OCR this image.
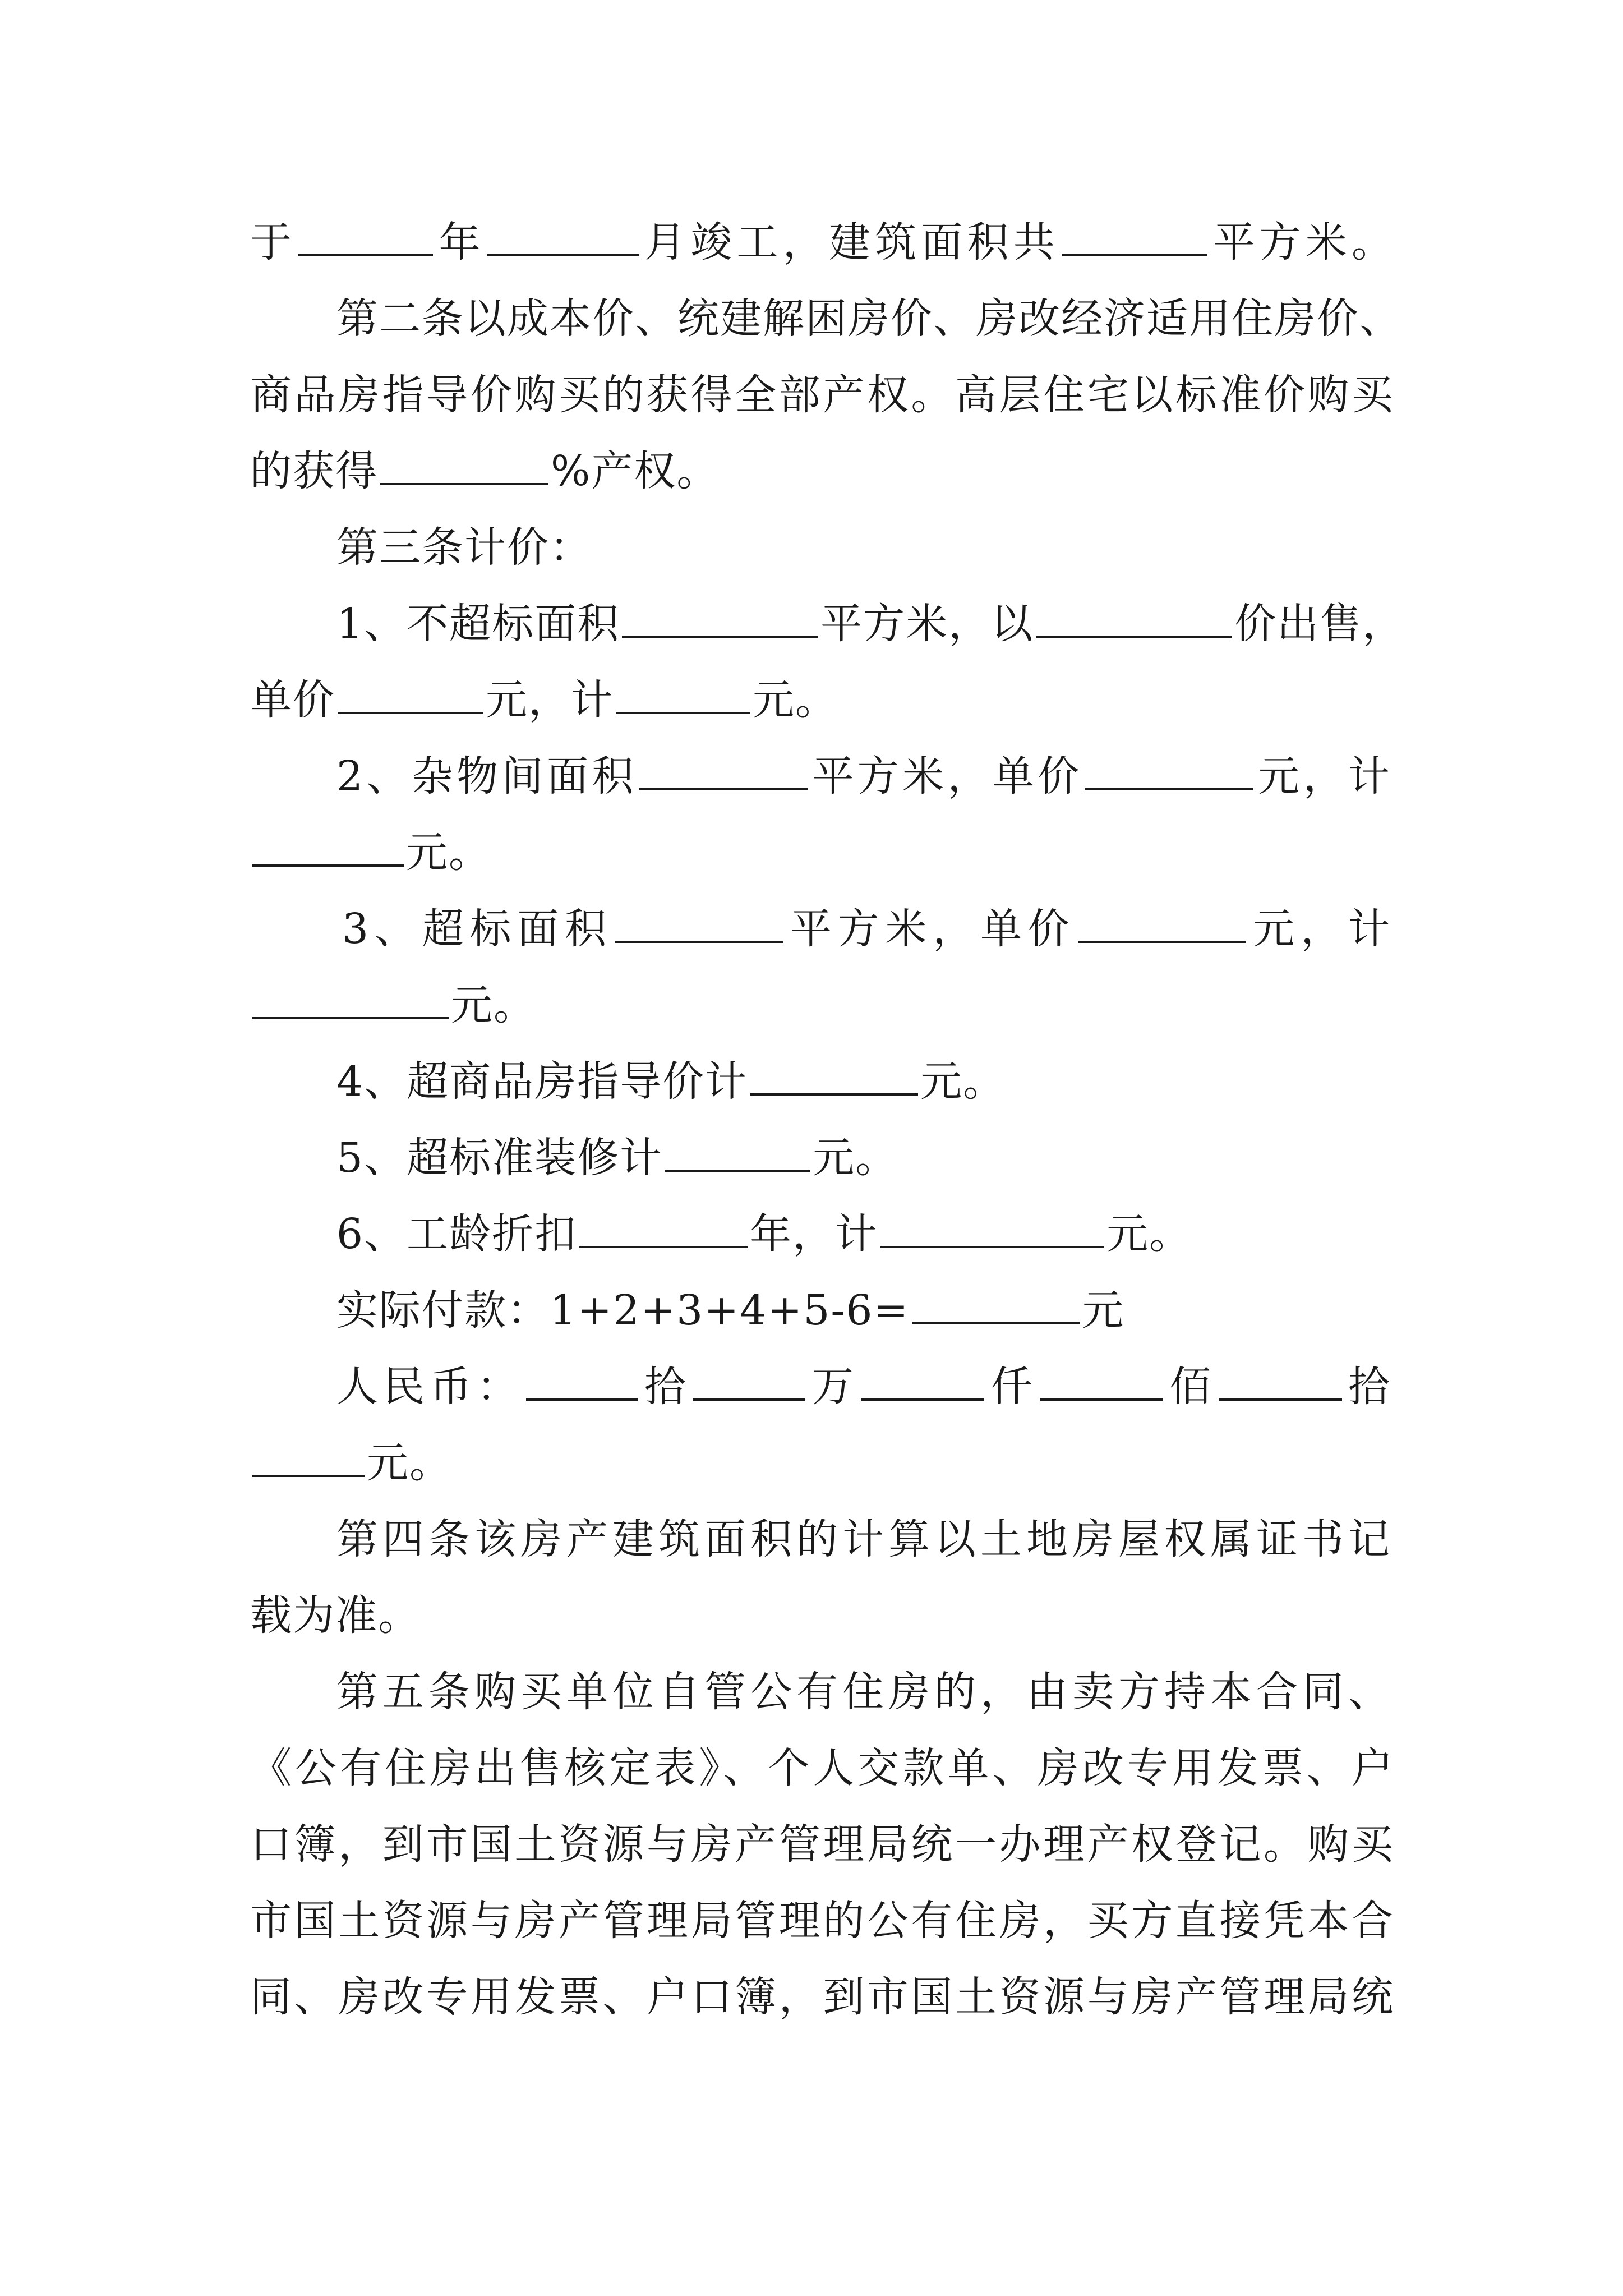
于	年	月竣工，建筑面积共	平方米。
第二条以成本价、统建解困房价、房改经济适用住房价、
商品房指导价购买的获得全部产权。高层住宅以标准价购买
的获得	%产权。
第三条计价：
1、不超标面积	平方米，以	价出售，
单价	元，计	元。
2、杂物间面积	平方米，单价	元，计
元。
3、超标面积	平方米，单价	元，计
元。
4、超商品房指导价计	元。
5、超标准装修计	元。
6、工龄折扣	年，计	元。
实际付款：1+2+3+4+5-6=	元
人民币：	拾	万	仟	佰	拾
元。
第四条该房产建筑面积的计算以土地房屋权属证书记
载为准。
第五条购买单位自管公有住房的，由卖方持本合同、
《公有住房出售核定表》、个人交款单、房改专用发票、户
口簿，到市国土资源与房产管理局统一办理产权登记。购买
市国土资源与房产管理局管理的公有住房，买方直接凭本合
同、房改专用发票、户口簿，到市国土资源与房产管理局统
